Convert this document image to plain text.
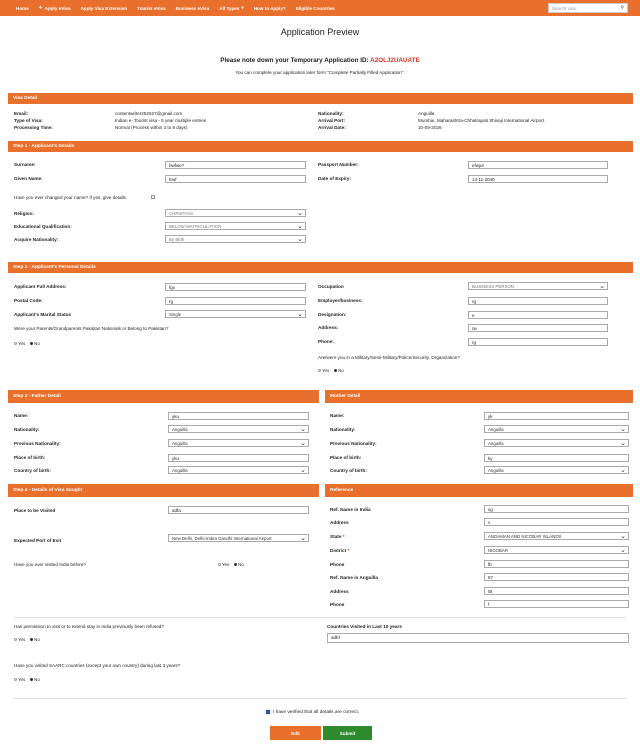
Home ✈ Apply eVisa Apply Visa Extension Tourist eVisa Business eVisa All Types ▾ How to Apply? Eligible Countries	Search visa...	⚲
Application Preview
Please note down your Temporary Application ID: A2OLJ2UAUATE
You can complete your application later form "Complete Partially Filled Application".
Visa Detail
Email:	contentwriter252627@gmail.com
Type of Visa:	Indian e- Tourist visa - 5 year multiple entries
Processing Time:	Normal (Process within 3 to 8 days)
Nationality:	Anguilla
Arrival Port:	Mumbai, Maharashtra-Chhatrapati Shivaji International Airport.
Arrival Date:	10-09-2026
Step 1 - Applicant's Details
Surname:	bwfwe?
Given Name:	Ewf
Have you ever changed your name? If yes, give details.
Religion:	CHRISTIAN	⌄
Educational Qualification:	BELOW MATRICULATION	⌄
Acquire Nationality:	By Birth	⌄
Passport Number:	efwjut
Date of Expiry:	14-11-2040
Step 2 - Applicant's Personal Details
Applicant Full Address:	fgx
Postal Code:	rg
Applicant's Marital Status	Single	⌄
Were your Parents/Grandparents Pakistan Nationals or Belong to Pakistan?
Yes	No
Occupation	BUSINESS PERSON	⌄
Employer/business:	rg
Designation:	e
Address:	rw
Phone:	rg
Are/were you in a Military/Semi-Military/Police/Security. Organization?
Yes	No
Step 3 - Father Detail
Name:	yku
Nationality:	Anguilla	⌄
Previous Nationality:	Anguilla	⌄
Place of birth:	yku
Country of birth:	Anguilla	⌄
Mother Detail
Name:	yk
Nationality:	Anguilla	⌄
Previous Nationality:	Anguilla	⌄
Place of birth:	ky
Country of birth:	Anguilla	⌄
Step 4 - Details of Visa Sought
Place to be Visited	adfa
Expected Port of Exit	New Delhi, Delhi-Indira Gandhi International Airport	⌄
Have you ever visited India before?	Yes	No
Reference
Ref. Name in India	xg
Address	v
State *	ANDAMAN AND NICOBAR ISLANDS	⌄
District *	NICOBAR	⌄
Phone	fb
Ref. Name in Anguilla	87
Address	/B
Phone	f
Has permission to visit or to extend stay in India previously been refused?
Yes	No
Countries Visited in Last 10 years
adfd
Have you visited SAARC countries (except your own country) during last 3 years?
Yes	No
I have verified that all details are correct.
Edit	Submit
